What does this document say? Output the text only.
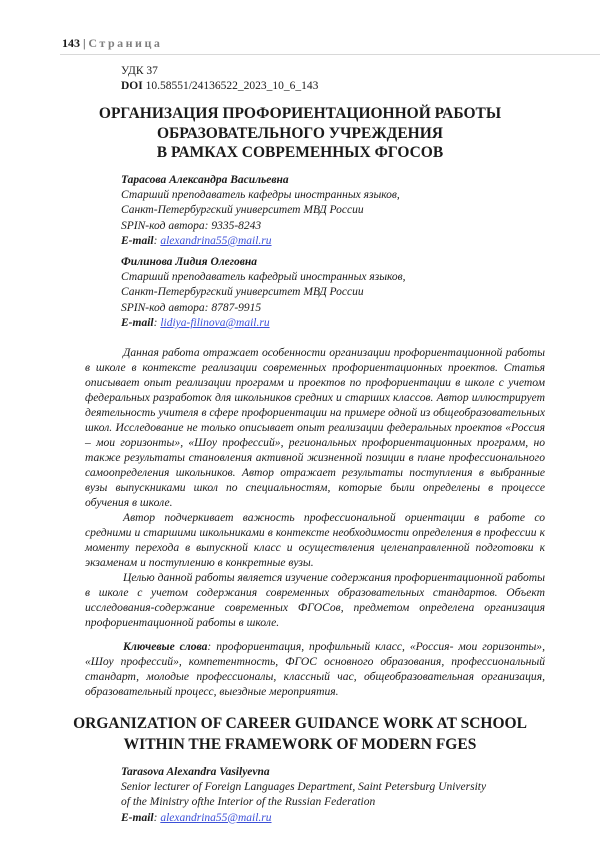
143 | Страница
УДК 37
DOI 10.58551/24136522_2023_10_6_143
ОРГАНИЗАЦИЯ ПРОФОРИЕНТАЦИОННОЙ РАБОТЫ
ОБРАЗОВАТЕЛЬНОГО УЧРЕЖДЕНИЯ
В РАМКАХ СОВРЕМЕННЫХ ФГОСОВ
Тарасова Александра Васильевна
Старший преподаватель кафедры иностранных языков,
Санкт-Петербургский университет МВД России
SPIN-код автора: 9335-8243
E-mail: alexandrina55@mail.ru
Филинова Лидия Олеговна
Старший преподаватель кафедрый иностранных языков,
Санкт-Петербургский университет МВД России
SPIN-код автора: 8787-9915
E-mail: lidiya-filinova@mail.ru

Данная работа отражает особенности организации профориентационной работы в школе в контексте реализации современных профориентационных проектов. Статья описывает опыт реализации программ и проектов по профориентации в школе с учетом федеральных разработок для школьников средних и старших классов. Автор иллюстрирует деятельность учителя в сфере профориентации на примере одной из общеобразовательных школ. Исследование не только описывает опыт реализации федеральных проектов «Россия – мои горизонты», «Шоу профессий», региональных профориентационных программ, но также результаты становления активной жизненной позиции в плане профессионального самоопределения школьников. Автор отражает результаты поступления в выбранные вузы выпускниками школ по специальностям, которые были определены в процессе обучения в школе.

Автор подчеркивает важность профессиональной ориентации в работе со средними и старшими школьниками в контексте необходимости определения в профессии к моменту перехода в выпускной класс и осуществления целенаправленной подготовки к экзаменам и поступлению в конкретные вузы.

Целью данной работы является изучение содержания профориентационной работы в школе с учетом содержания современных образовательных стандартов. Объект исследования-содержание современных ФГОСов, предметом определена организация профориентационной работы в школе.

Ключевые слова: профориентация, профильный класс, «Россия- мои горизонты», «Шоу профессий», компетентность, ФГОС основного образования, профессиональный стандарт, молодые профессионалы, классный час, общеобразовательная организация, образовательный процесс, выездные мероприятия.

ORGANIZATION OF CAREER GUIDANCE WORK AT SCHOOL
WITHIN THE FRAMEWORK OF MODERN FGES
Tarasova Alexandra Vasilyevna
Senior lecturer of Foreign Languages Department, Saint Petersburg University
of the Ministry ofthe Interior of the Russian Federation
E-mail: alexandrina55@mail.ru
